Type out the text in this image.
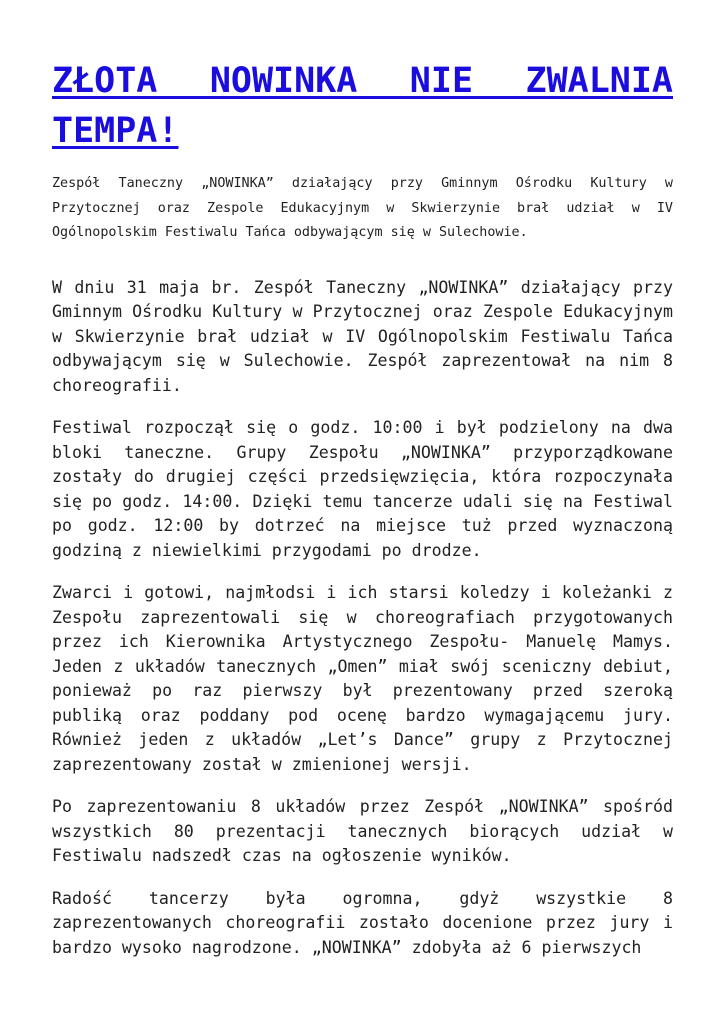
ZŁOTA NOWINKA NIE ZWALNIA TEMPA!

Zespół Taneczny „NOWINKA” działający przy Gminnym Ośrodku Kultury w Przytocznej oraz Zespole Edukacyjnym w Skwierzynie brał udział w IV Ogólnopolskim Festiwalu Tańca odbywającym się w Sulechowie.

W dniu 31 maja br. Zespół Taneczny „NOWINKA” działający przy Gminnym Ośrodku Kultury w Przytocznej oraz Zespole Edukacyjnym w Skwierzynie brał udział w IV Ogólnopolskim Festiwalu Tańca odbywającym się w Sulechowie. Zespół zaprezentował na nim 8 choreografii.

Festiwal rozpoczął się o godz. 10:00 i był podzielony na dwa bloki taneczne. Grupy Zespołu „NOWINKA” przyporządkowane zostały do drugiej części przedsięwzięcia, która rozpoczynała się po godz. 14:00. Dzięki temu tancerze udali się na Festiwal po godz. 12:00 by dotrzeć na miejsce tuż przed wyznaczoną godziną z niewielkimi przygodami po drodze.

Zwarci i gotowi, najmłodsi i ich starsi koledzy i koleżanki z Zespołu zaprezentowali się w choreografiach przygotowanych przez ich Kierownika Artystycznego Zespołu- Manuelę Mamys. Jeden z układów tanecznych „Omen” miał swój sceniczny debiut, ponieważ po raz pierwszy był prezentowany przed szeroką publiką oraz poddany pod ocenę bardzo wymagającemu jury. Również jeden z układów „Let’s Dance” grupy z Przytocznej zaprezentowany został w zmienionej wersji.

Po zaprezentowaniu 8 układów przez Zespół „NOWINKA” spośród wszystkich 80 prezentacji tanecznych biorących udział w Festiwalu nadszedł czas na ogłoszenie wyników.

Radość tancerzy była ogromna, gdyż wszystkie 8 zaprezentowanych choreografii zostało docenione przez jury i bardzo wysoko nagrodzone. „NOWINKA” zdobyła aż 6 pierwszych
